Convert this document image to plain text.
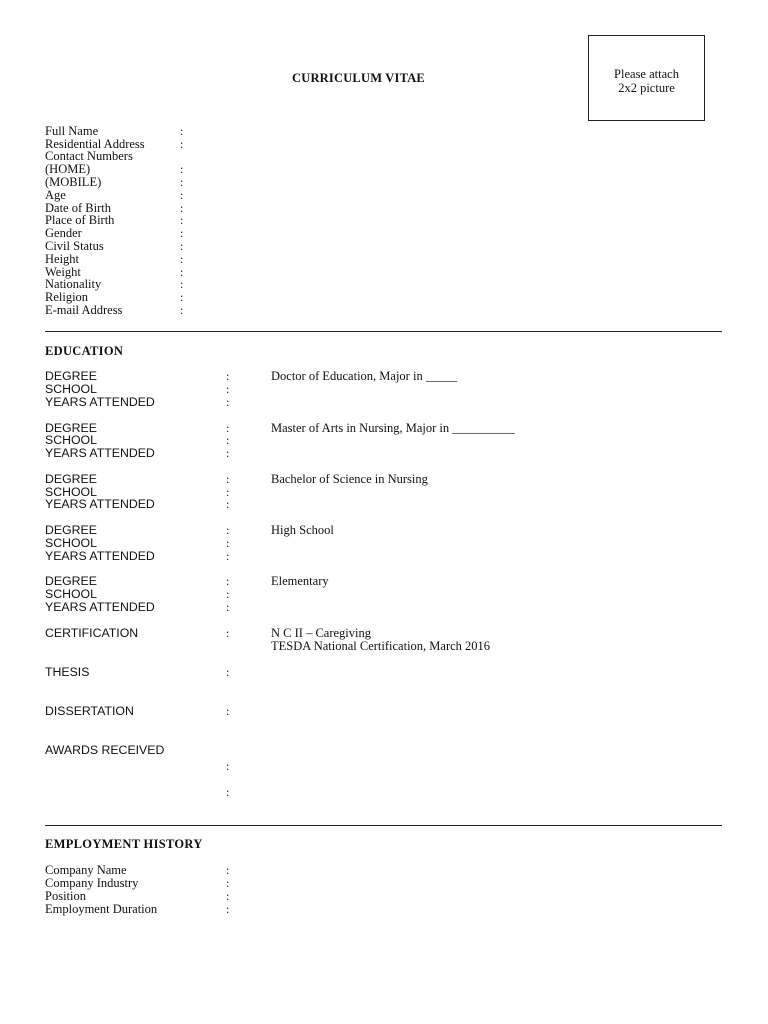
CURRICULUM VITAE	Please attach
2x2 picture
Full Name	:
Residential Address	:
Contact Numbers
(HOME)	:
(MOBILE)	:
Age	:
Date of Birth	:
Place of Birth	:
Gender	:
Civil Status	:
Height	:
Weight	:
Nationality	:
Religion	:
E-mail Address	:
EDUCATION
DEGREE	:	Doctor of Education, Major in _____
SCHOOL	:
YEARS ATTENDED	:
DEGREE	:	Master of Arts in Nursing, Major in __________
SCHOOL	:
YEARS ATTENDED	:
DEGREE	:	Bachelor of Science in Nursing
SCHOOL	:
YEARS ATTENDED	:
DEGREE	:	High School
SCHOOL	:
YEARS ATTENDED	:
DEGREE	:	Elementary
SCHOOL	:
YEARS ATTENDED	:
CERTIFICATION	:	N C II – Caregiving
TESDA National Certification, March 2016
THESIS	:
DISSERTATION	:
AWARDS RECEIVED
:
:
EMPLOYMENT HISTORY
Company Name	:
Company Industry	:
Position	:
Employment Duration	:
